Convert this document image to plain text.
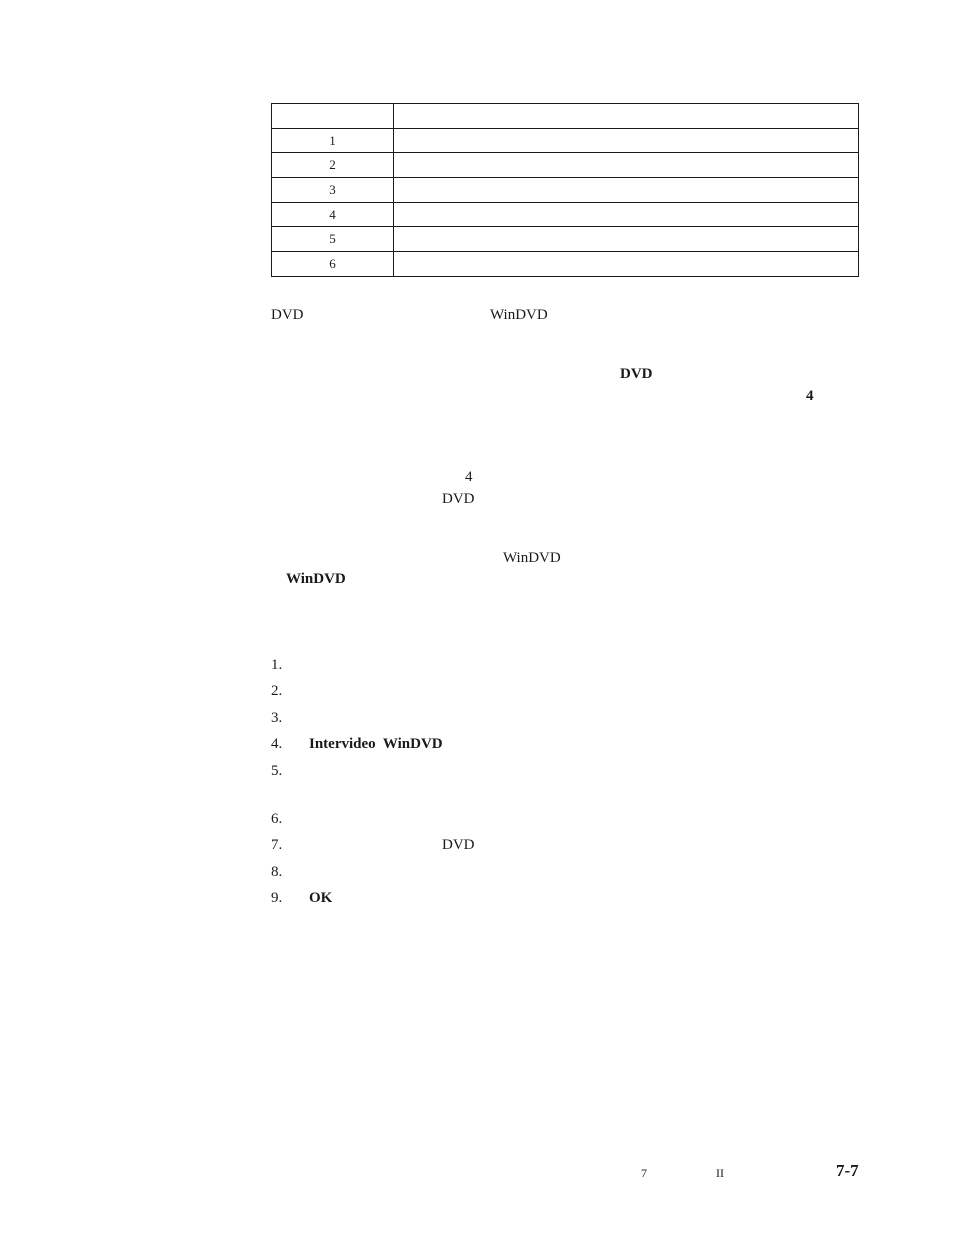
1	
2	
3	
4	
5	
6	
DVD	WinDVD
DVD
4
4
DVD
WinDVD
WinDVD
1.
2.
3.
4. Intervideo  WinDVD
5.
6.
7.	DVD
8.
9. OK
7	II	7-7
